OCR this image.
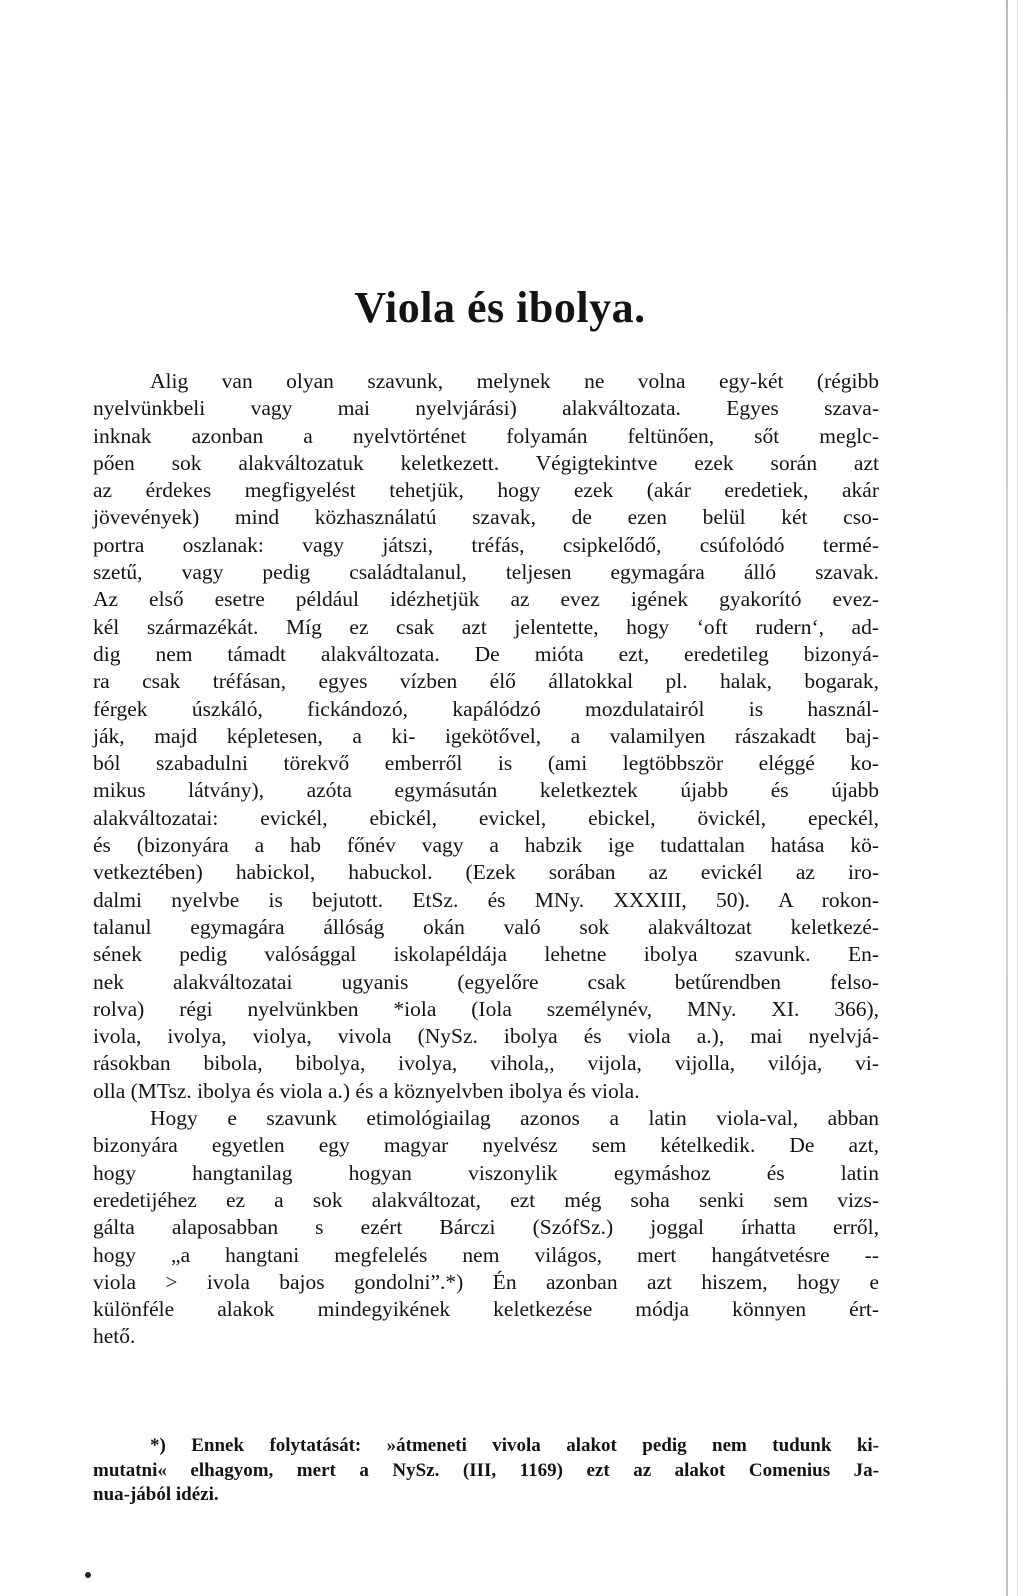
Viola és ibolya.
Alig van olyan szavunk, melynek ne volna egy-két (régibb
nyelvünkbeli vagy mai nyelvjárási) alakváltozata. Egyes szava-
inknak azonban a nyelvtörténet folyamán feltünően, sőt meglc-
pően sok alakváltozatuk keletkezett. Végigtekintve ezek során azt
az érdekes megfigyelést tehetjük, hogy ezek (akár eredetiek, akár
jövevények) mind közhasználatú szavak, de ezen belül két cso-
portra oszlanak: vagy játszi, tréfás, csipkelődő, csúfolódó termé-
szetű, vagy pedig családtalanul, teljesen egymagára álló szavak.
Az első esetre például idézhetjük az evez igének gyakorító evez-
kél származékát. Míg ez csak azt jelentette, hogy ‘oft rudern‘, ad-
dig nem támadt alakváltozata. De mióta ezt, eredetileg bizonyá-
ra csak tréfásan, egyes vízben élő állatokkal pl. halak, bogarak,
férgek úszkáló, fickándozó, kapálódzó mozdulatairól is használ-
ják, majd képletesen, a ki- igekötővel, a valamilyen rászakadt baj-
ból szabadulni törekvő emberről is (ami legtöbbször eléggé ko-
mikus látvány), azóta egymásután keletkeztek újabb és újabb
alakváltozatai: evickél, ebickél, evickel, ebickel, övickél, epeckél,
és (bizonyára a hab főnév vagy a habzik ige tudattalan hatása kö-
vetkeztében) habickol, habuckol. (Ezek sorában az evickél az iro-
dalmi nyelvbe is bejutott. EtSz. és MNy. XXXIII, 50). A rokon-
talanul egymagára állóság okán való sok alakváltozat keletkezé-
sének pedig valósággal iskolapéldája lehetne ibolya szavunk. En-
nek alakváltozatai ugyanis (egyelőre csak betűrendben felso-
rolva) régi nyelvünkben *iola (Iola személynév, MNy. XI. 366),
ivola, ivolya, violya, vivola (NySz. ibolya és viola a.), mai nyelvjá-
rásokban bibola, bibolya, ivolya, vihola,, vijola, vijolla, vilója, vi-
olla (MTsz. ibolya és viola a.) és a köznyelvben ibolya és viola.
Hogy e szavunk etimológiailag azonos a latin viola-val, abban
bizonyára egyetlen egy magyar nyelvész sem kételkedik. De azt,
hogy hangtanilag hogyan viszonylik egymáshoz és latin
eredetijéhez ez a sok alakváltozat, ezt még soha senki sem vizs-
gálta alaposabban s ezért Bárczi (SzófSz.) joggal írhatta erről,
hogy „a hangtani megfelelés nem világos, mert hangátvetésre --
viola > ivola bajos gondolni”.*) Én azonban azt hiszem, hogy e
különféle alakok mindegyikének keletkezése módja könnyen ért-
hető.
*) Ennek folytatását: »átmeneti vivola alakot pedig nem tudunk ki-
mutatni« elhagyom, mert a NySz. (III, 1169) ezt az alakot Comenius Ja-
nua-jából idézi.
